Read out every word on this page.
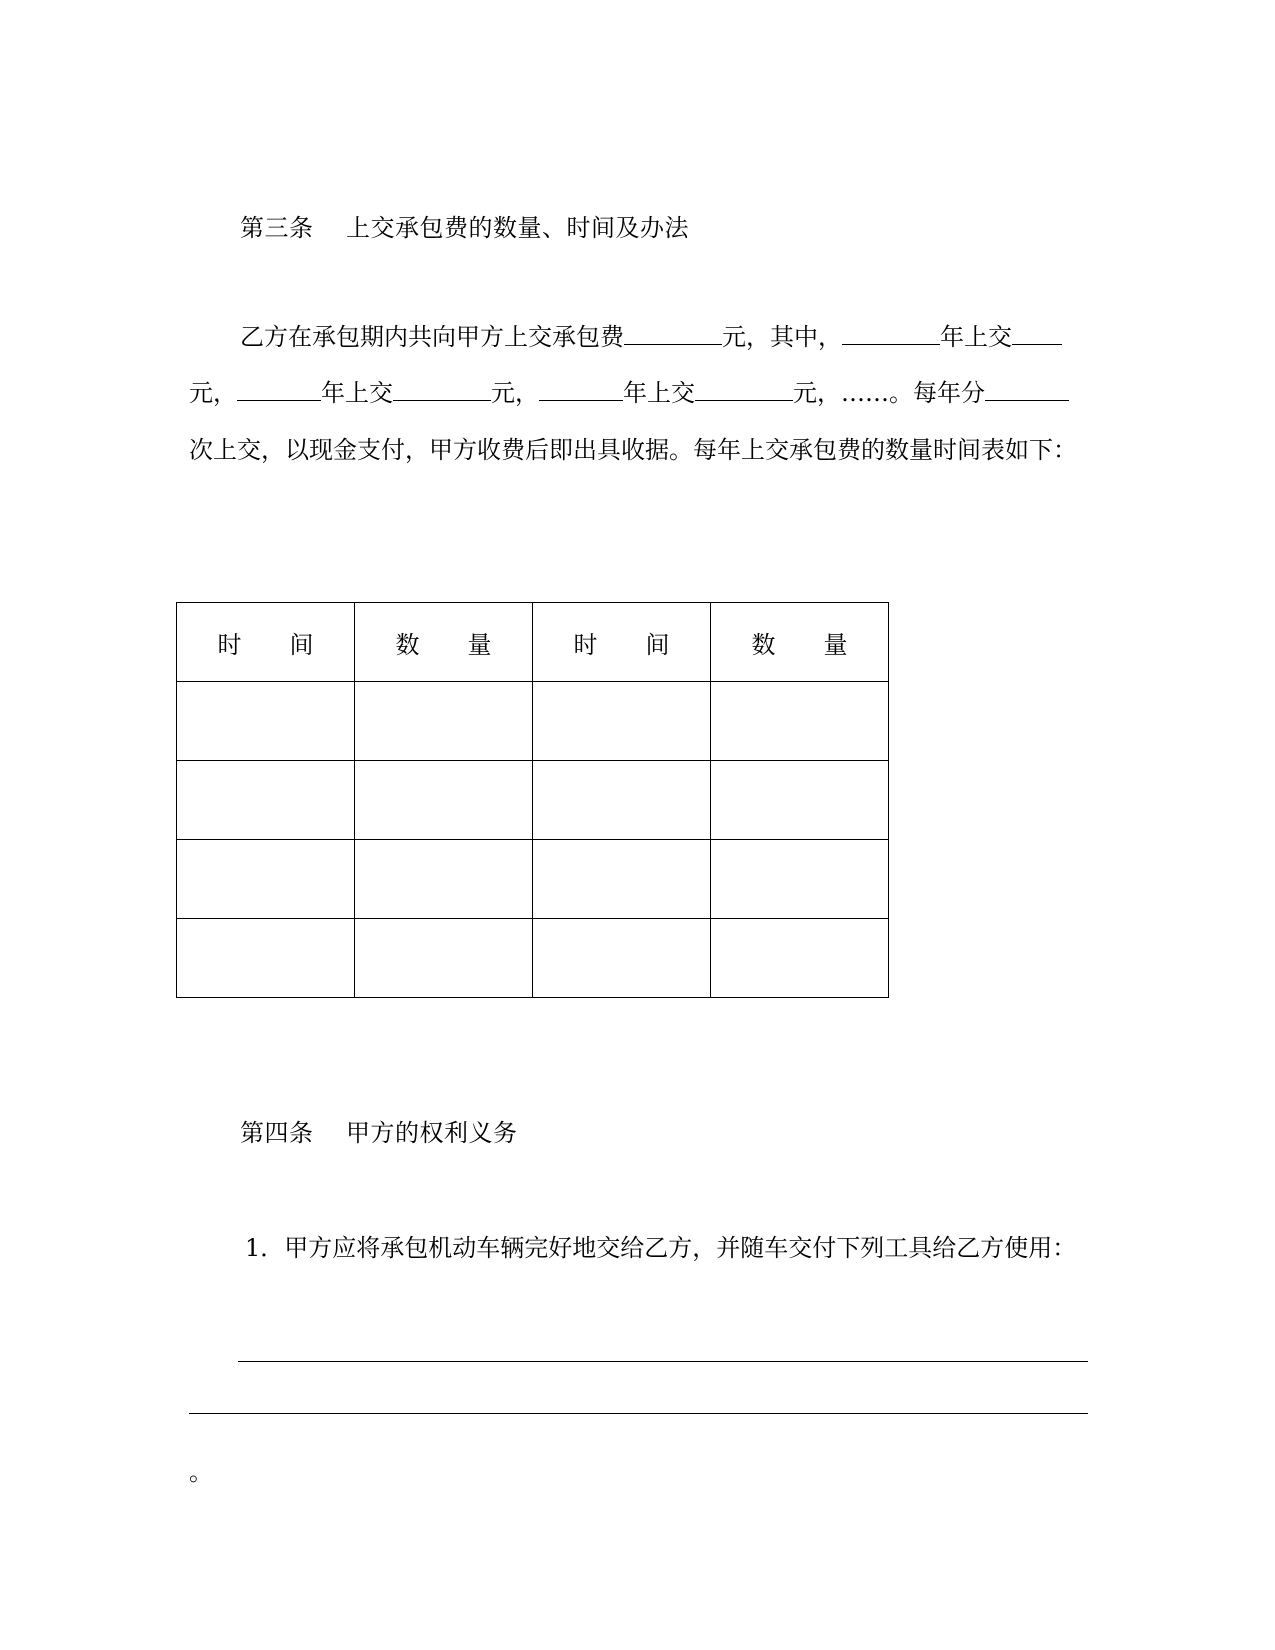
第三条 上交承包费的数量、时间及办法
乙方在承包期内共向甲方上交承包费	元，其中，	年上交
元，	年上交	元，	年上交	元，……。每年分
次上交，以现金支付，甲方收费后即出具收据。每年上交承包费的数量时间表如下：
时 间	数 量	时 间	数 量

第四条 甲方的权利义务
1．甲方应将承包机动车辆完好地交给乙方，并随车交付下列工具给乙方使用：
。
